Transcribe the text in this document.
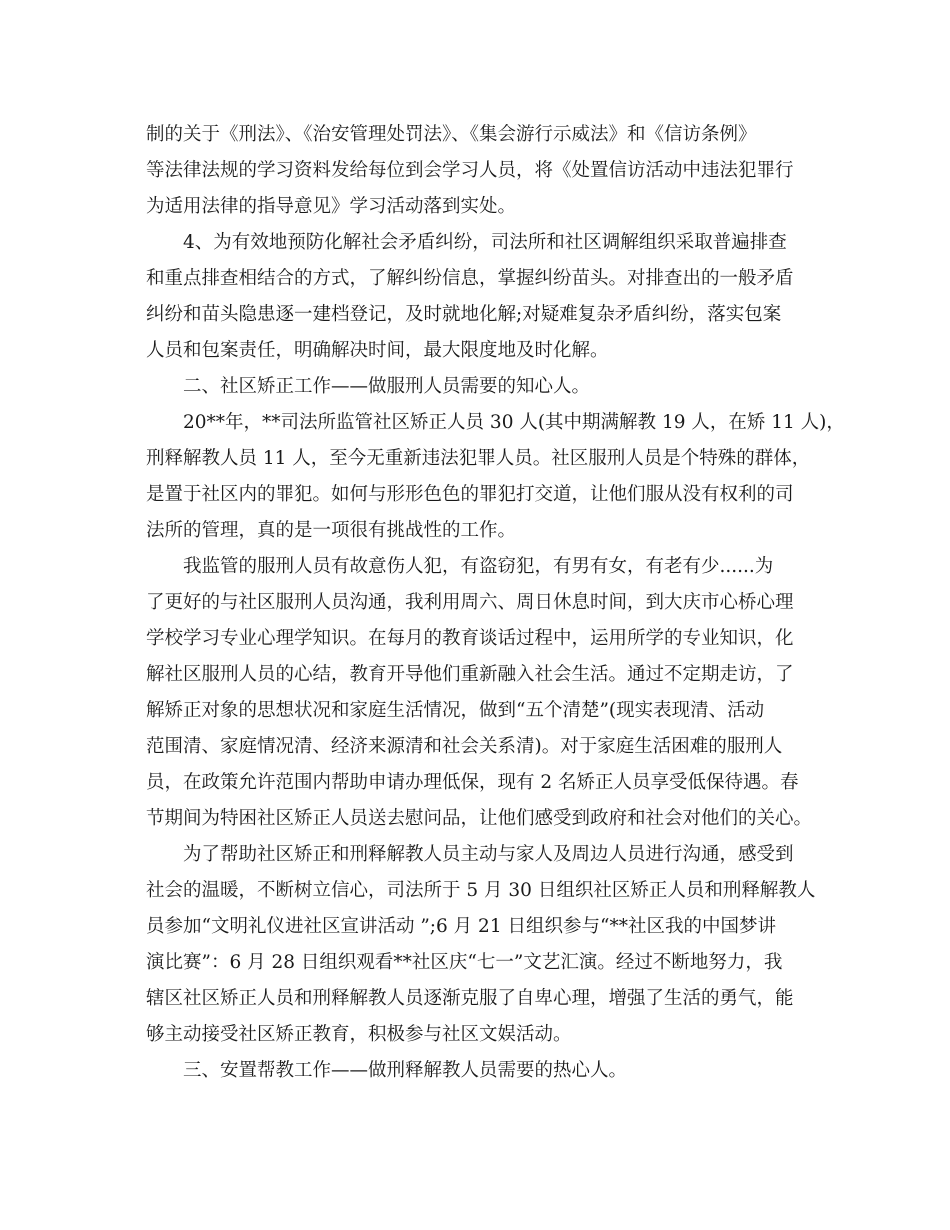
制的关于《刑法》、《治安管理处罚法》、《集会游行示威法》和《信访条例》
等法律法规的学习资料发给每位到会学习人员，将《处置信访活动中违法犯罪行
为适用法律的指导意见》学习活动落到实处。
4、为有效地预防化解社会矛盾纠纷，司法所和社区调解组织采取普遍排查
和重点排查相结合的方式，了解纠纷信息，掌握纠纷苗头。对排查出的一般矛盾
纠纷和苗头隐患逐一建档登记，及时就地化解;对疑难复杂矛盾纠纷，落实包案
人员和包案责任，明确解决时间，最大限度地及时化解。
二、社区矫正工作——做服刑人员需要的知心人。
20**年，**司法所监管社区矫正人员 30 人(其中期满解教 19 人，在矫 11 人)，
刑释解教人员 11 人，至今无重新违法犯罪人员。社区服刑人员是个特殊的群体，
是置于社区内的罪犯。如何与形形色色的罪犯打交道，让他们服从没有权利的司
法所的管理，真的是一项很有挑战性的工作。
我监管的服刑人员有故意伤人犯，有盗窃犯，有男有女，有老有少......为
了更好的与社区服刑人员沟通，我利用周六、周日休息时间，到大庆市心桥心理
学校学习专业心理学知识。在每月的教育谈话过程中，运用所学的专业知识，化
解社区服刑人员的心结，教育开导他们重新融入社会生活。通过不定期走访，了
解矫正对象的思想状况和家庭生活情况，做到“五个清楚”(现实表现清、活动
范围清、家庭情况清、经济来源清和社会关系清)。对于家庭生活困难的服刑人
员，在政策允许范围内帮助申请办理低保，现有 2 名矫正人员享受低保待遇。春
节期间为特困社区矫正人员送去慰问品，让他们感受到政府和社会对他们的关心。
为了帮助社区矫正和刑释解教人员主动与家人及周边人员进行沟通，感受到
社会的温暖，不断树立信心，司法所于 5 月 30 日组织社区矫正人员和刑释解教人
员参加“文明礼仪进社区宣讲活动 ”;6 月 21 日组织参与“**社区我的中国梦讲
演比赛”：6 月 28 日组织观看**社区庆“七一”文艺汇演。经过不断地努力，我
辖区社区矫正人员和刑释解教人员逐渐克服了自卑心理，增强了生活的勇气，能
够主动接受社区矫正教育，积极参与社区文娱活动。
三、安置帮教工作——做刑释解教人员需要的热心人。
